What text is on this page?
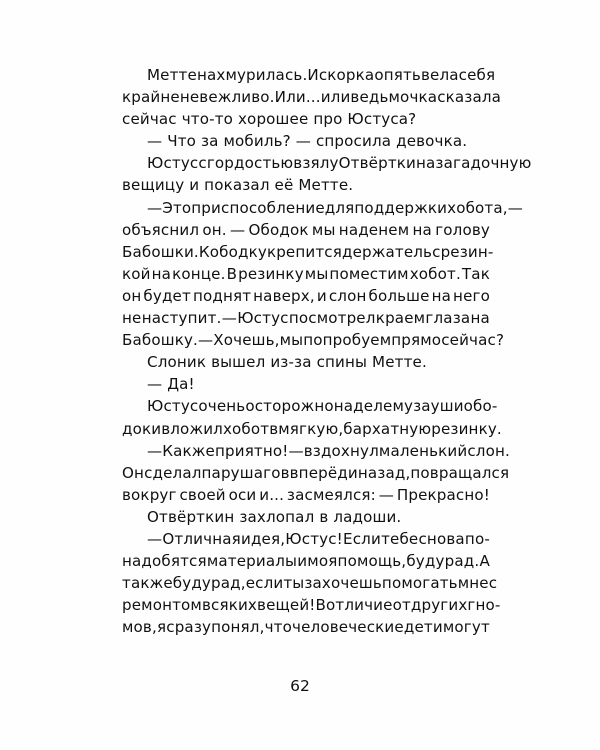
Метте нахмурилась. Искорка опять вела себя
крайне невежливо. Или... или ведьмочка сказала
сейчас что-то хорошее про Юстуса?
— Что за мобиль? — спросила девочка.
Юстус с гордостью взял у Отвёрткина загадочную
вещицу и показал её Метте.
— Это приспособление для поддержки хобота, —
объяснил он. — Ободок мы наденем на голову
Бабошки. К ободку крепится держатель с резин-
кой на конце. В резинку мы поместим хобот. Так
он будет поднят наверх, и слон больше на него
не наступит. — Юстус посмотрел краем глаза на
Бабошку. — Хочешь, мы попробуем прямо сейчас?
Слоник вышел из-за спины Метте.
— Да!
Юстус очень осторожно надел ему за уши обо-
док и вложил хобот в мягкую, бархатную резинку.
— Как же приятно! — вздохнул маленький слон.
Он сделал пару шагов вперёд и назад, повращался
вокруг своей оси и... засмеялся: — Прекрасно!
Отвёрткин захлопал в ладоши.
— Отличная идея, Юстус! Если тебе снова по-
надобятся материалы и моя помощь, буду рад. А
также буду рад, если ты захочешь помогать мне с
ремонтом всяких вещей! В отличие от других гно-
мов, я сразу понял, что человеческие дети могут
62
